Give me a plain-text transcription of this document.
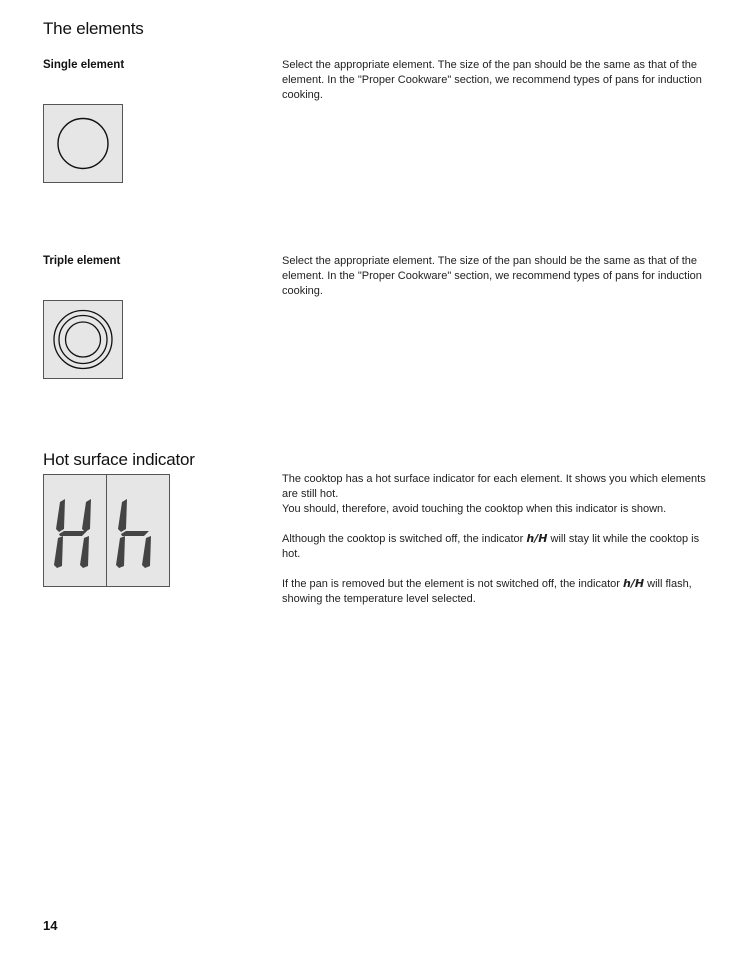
The elements
Single element	Select the appropriate element. The size of the pan should be the same as that of the element. In the "Proper Cookware" section, we recommend types of pans for induction cooking.
Triple element	Select the appropriate element. The size of the pan should be the same as that of the element. In the "Proper Cookware" section, we recommend types of pans for induction cooking.
Hot surface indicator

The cooktop has a hot surface indicator for each element. It shows you which elements are still hot.
You should, therefore, avoid touching the cooktop when this indicator is shown.

Although the cooktop is switched off, the indicator h/H will stay lit while the cooktop is hot.

If the pan is removed but the element is not switched off, the indicator h/H will flash, showing the temperature level selected.

14
